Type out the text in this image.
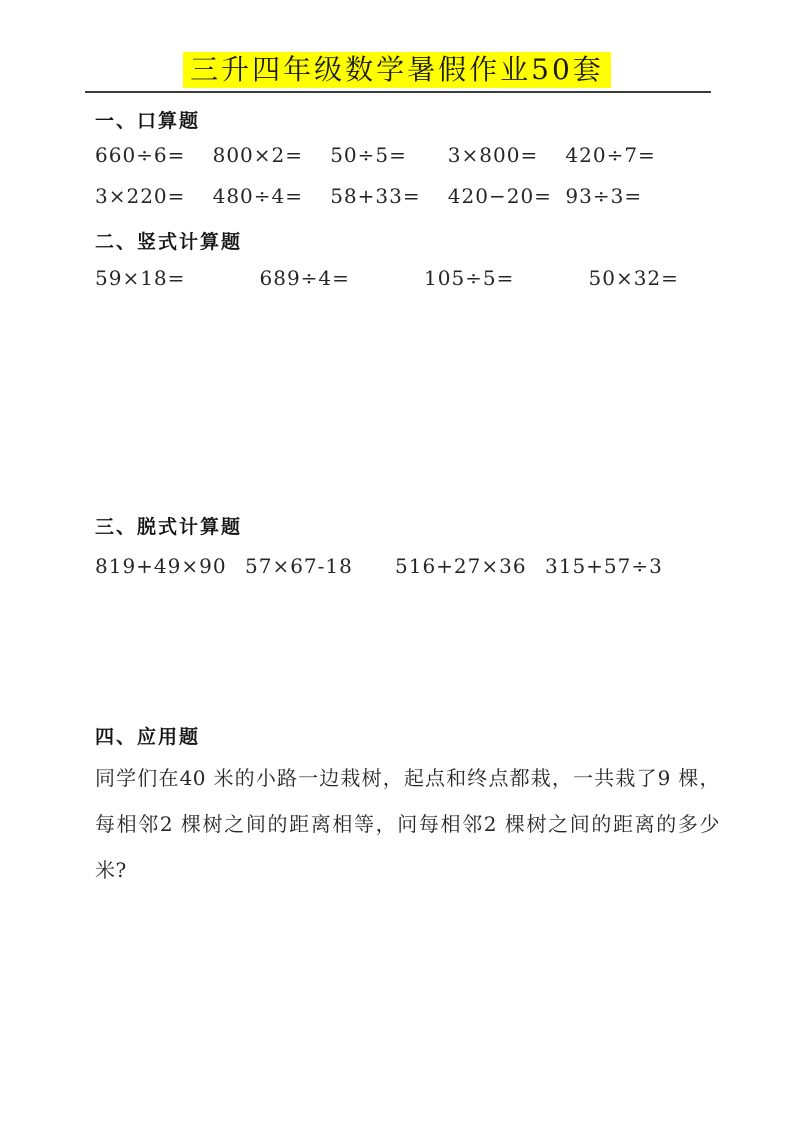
三升四年级数学暑假作业50套
一、口算题
660÷6=	800×2=	50÷5=	3×800=	420÷7=
3×220=	480÷4=	58+33=	420−20= 93÷3=
二、竖式计算题
59×18=	689÷4=	105÷5=	50×32=
三、脱式计算题
819+49×90 57×67-18	516+27×36 315+57÷3
四、应用题
同学们在40 米的小路一边栽树，起点和终点都栽，一共栽了9 棵，每相邻2 棵树之间的距离相等，问每相邻2 棵树之间的距离的多少米?
